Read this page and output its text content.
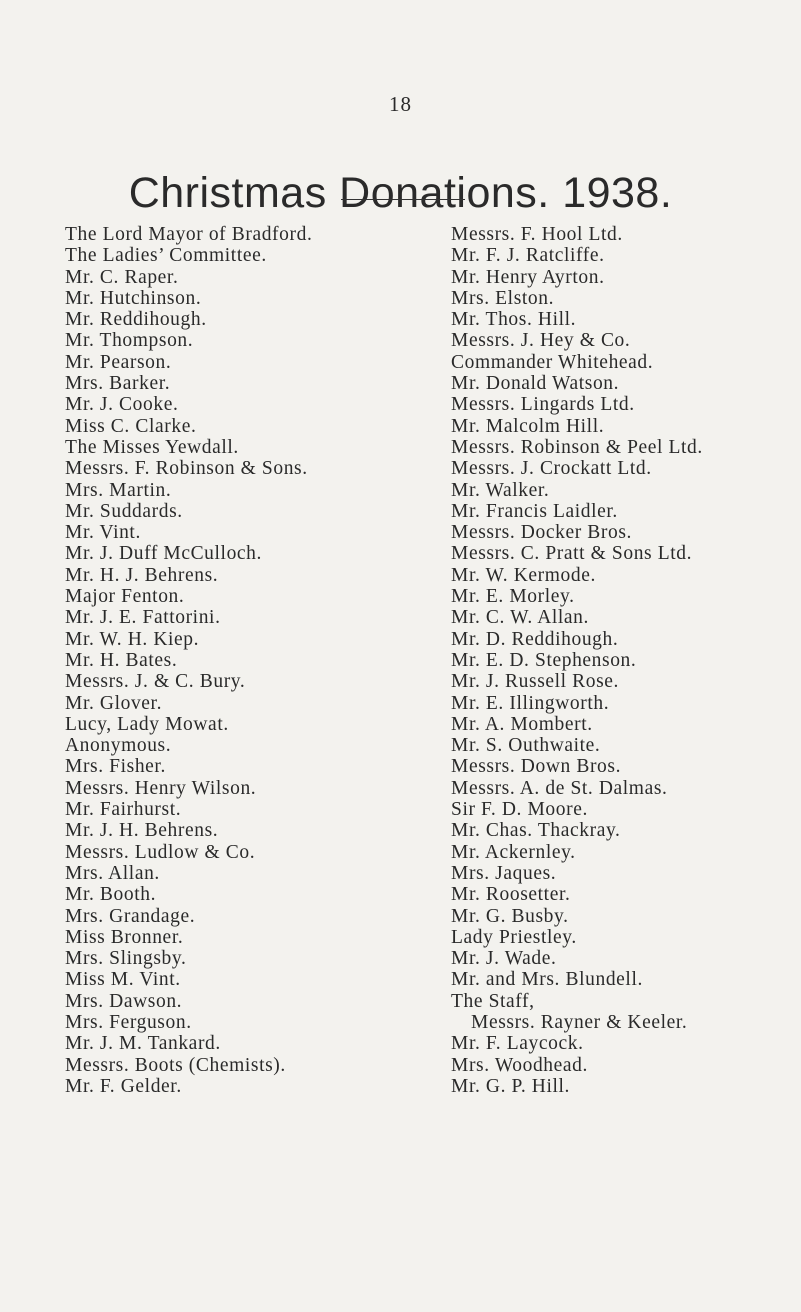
18
Christmas Donations. 1938.
The Lord Mayor of Bradford.
The Ladies’ Committee.
Mr. C. Raper.
Mr. Hutchinson.
Mr. Reddihough.
Mr. Thompson.
Mr. Pearson.
Mrs. Barker.
Mr. J. Cooke.
Miss C. Clarke.
The Misses Yewdall.
Messrs. F. Robinson & Sons.
Mrs. Martin.
Mr. Suddards.
Mr. Vint.
Mr. J. Duff McCulloch.
Mr. H. J. Behrens.
Major Fenton.
Mr. J. E. Fattorini.
Mr. W. H. Kiep.
Mr. H. Bates.
Messrs. J. & C. Bury.
Mr. Glover.
Lucy, Lady Mowat.
Anonymous.
Mrs. Fisher.
Messrs. Henry Wilson.
Mr. Fairhurst.
Mr. J. H. Behrens.
Messrs. Ludlow & Co.
Mrs. Allan.
Mr. Booth.
Mrs. Grandage.
Miss Bronner.
Mrs. Slingsby.
Miss M. Vint.
Mrs. Dawson.
Mrs. Ferguson.
Mr. J. M. Tankard.
Messrs. Boots (Chemists).
Mr. F. Gelder.
Messrs. F. Hool Ltd.
Mr. F. J. Ratcliffe.
Mr. Henry Ayrton.
Mrs. Elston.
Mr. Thos. Hill.
Messrs. J. Hey & Co.
Commander Whitehead.
Mr. Donald Watson.
Messrs. Lingards Ltd.
Mr. Malcolm Hill.
Messrs. Robinson & Peel Ltd.
Messrs. J. Crockatt Ltd.
Mr. Walker.
Mr. Francis Laidler.
Messrs. Docker Bros.
Messrs. C. Pratt & Sons Ltd.
Mr. W. Kermode.
Mr. E. Morley.
Mr. C. W. Allan.
Mr. D. Reddihough.
Mr. E. D. Stephenson.
Mr. J. Russell Rose.
Mr. E. Illingworth.
Mr. A. Mombert.
Mr. S. Outhwaite.
Messrs. Down Bros.
Messrs. A. de St. Dalmas.
Sir F. D. Moore.
Mr. Chas. Thackray.
Mr. Ackernley.
Mrs. Jaques.
Mr. Roosetter.
Mr. G. Busby.
Lady Priestley.
Mr. J. Wade.
Mr. and Mrs. Blundell.
The Staff,
Messrs. Rayner & Keeler.
Mr. F. Laycock.
Mrs. Woodhead.
Mr. G. P. Hill.
